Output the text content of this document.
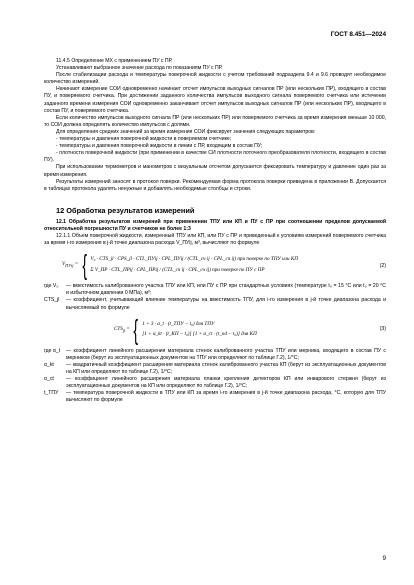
ГОСТ 8.451—2024

11.4.5 Определение МХ с применением ПУ с ПР.

Устанавливают выбранное значение расхода по показаниям ПУ с ПР.

После стабилизации расхода и температуры поверочной жидкости с учетом требований подраздела 9.4 и 9.6 проводят необходимое количество измерений.

Начинают измерение СОИ одновременно начинает отсчет импульсов выходных сигналов ПР (или нескольких ПР), входящего в состав ПУ, и поверяемого счетчика. При достижении заданного количества импульсов выходного сигнала поверяемого счетчика или истечении заданного времени измерения СОИ одновременно заканчивает отсчет импульсов выходных сигналов ПР (или нескольких ПР), входящего в состав ПУ, и поверяемого счетчика.

Если количество импульсов выходного сигнала ПР (или нескольких ПР) или поверяемого счетчика за время измерения меньше 10 000, то СОИ должна определять количество импульсов с долями.

Для определения средних значений за время измерения СОИ фиксирует значения следующих параметров:

- температуры и давления поверочной жидкости в поверяемом счетчике;

- температуры и давления поверочной жидкости в линии с ПР, входящим в состав ПУ;

- плотности поверочной жидкости (при применении в качестве СИ плотности поточного преобразователя плотности, входящего в состав ПУ).

При использовании термометров и манометров с визуальным отсчетом допускается фиксировать температуру и давление один раз за время измерения.

Результаты измерений заносят в протокол поверки. Рекомендуемая форма протокола поверки приведена в приложении В. Допускается в таблицах протокола удалять ненужные и добавлять необходимые столбцы и строки.

12 Обработка результатов измерений

12.1 Обработка результатов измерений при применении ТПУ или КП и ПУ с ПР при соотношении пределов допускаемой относительной погрешности ПУ и счетчиков не более 1:3

12.1.1 Объем поверочной жидкости, измеренный ТПУ или КП, или ПУ с ПР и приведенный к условиям измерений поверяемого счетчика за время i-го измерения в j-й точке диапазона расхода V_ПУij, м³, вычисляют по формуле

$V_{ПУij}$ = { V₀ · CTS_jl · CPS_jl · CTL_ПУij · CPL_ПУij / (CTL_сч ij · CPL_сч ij) при поверке по ТПУ или КП
Σ V_ПР · CTL_ПРij · CPL_ПРij / (CTL_сч ij · CPL_сч ij) при поверке по ПУ с ПР
(2)
где V₀	— вместимость калиброванного участка ТПУ или КП, или ПУ с ПР при стандартных условиях (температуре t₀ = 15 °С или t₀ = 20 °С и избыточном давлении 0 МПа), м³;
CTS_jl	— коэффициент, учитывающий влияние температуры на вместимость ТПУ, для i-го измерения в j-й точке диапазона расхода и вычисляемый по формуле
$CTS_{jl}$ = { 1 + 3 · α_t · (t_ТПУ − t₀) для ТПУ
[1 + α_kt · (t_КП − t₀)] [1 + α_ct · (t_кd − t₀)] для КП
(3)
где α_t	— коэффициент линейного расширения материала стенок калиброванного участка ТПУ или мерника, входящего в состав ПУ с мерником (берут из эксплуатационных документов на ТПУ или определяют по таблице Г.2), 1/°С;
α_kt	— квадратичный коэффициент расширения материала стенок калиброванного участка КП (берут из эксплуатационных документов на КП или определяют по таблице Г.2), 1/°С;
α_ct	— коэффициент линейного расширения материала планки крепления детекторов КП или инварового стержня (берут из эксплуатационных документов на КП или определяют по таблице Г.2), 1/°С;
t_ТПУ	— температура поверочной жидкости в ТПУ или КП за время i-го измерения в j-й точке диапазона расхода, °С, которую для ТПУ вычисляют по формуле
9
